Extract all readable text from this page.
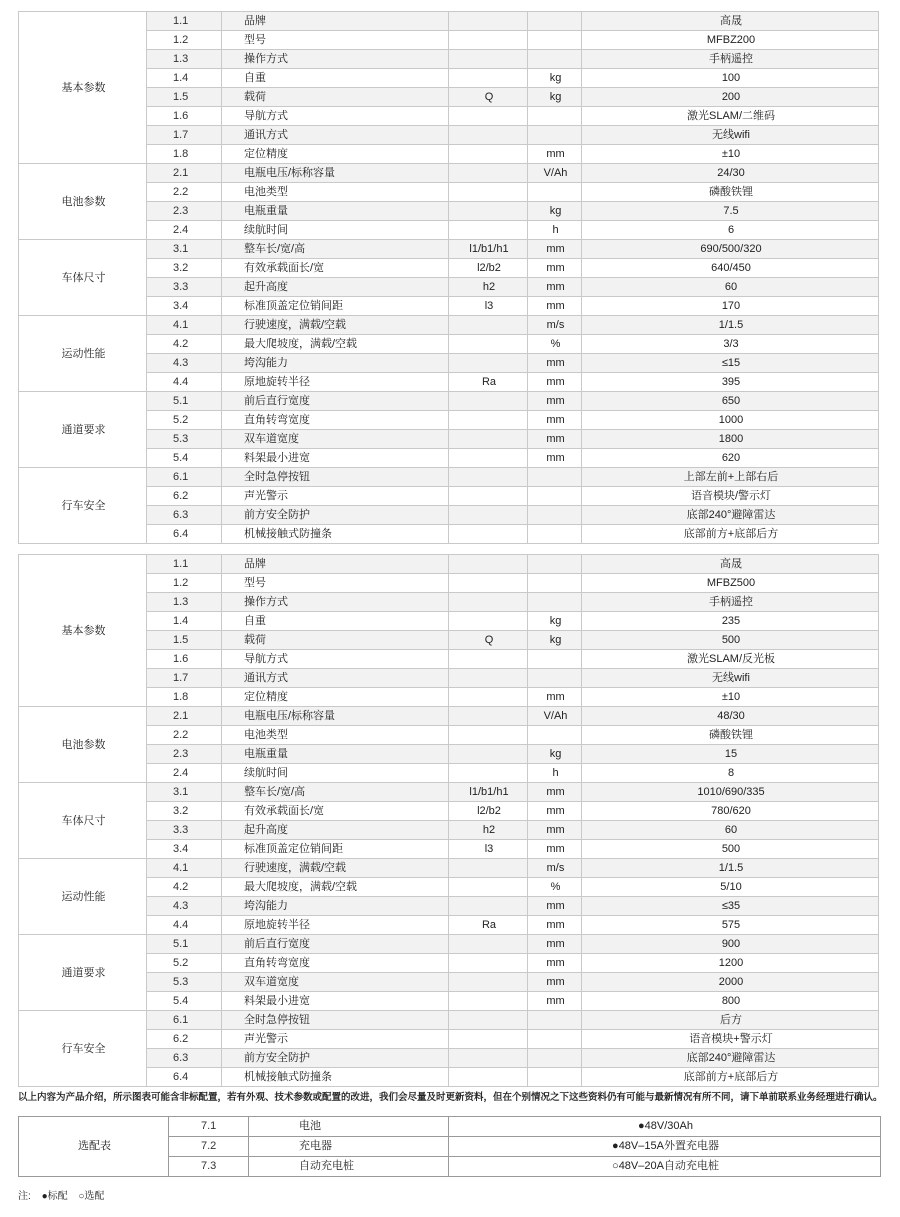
基本参数	1.1	品牌			高晟
	1.2	型号			MFBZ200
	1.3	操作方式			手柄遥控
	1.4	自重		kg	100
	1.5	载荷	Q	kg	200
	1.6	导航方式			激光SLAM/二维码
	1.7	通讯方式			无线wifi
	1.8	定位精度		mm	±10
电池参数	2.1	电瓶电压/标称容量		V/Ah	24/30
	2.2	电池类型			磷酸铁锂
	2.3	电瓶重量		kg	7.5
	2.4	续航时间		h	6
车体尺寸	3.1	整车长/宽/高	l1/b1/h1	mm	690/500/320
	3.2	有效承载面长/宽	l2/b2	mm	640/450
	3.3	起升高度	h2	mm	60
	3.4	标准顶盖定位销间距	l3	mm	170
运动性能	4.1	行驶速度，满载/空载		m/s	1/1.5
	4.2	最大爬坡度，满载/空载		%	3/3
	4.3	垮沟能力		mm	≤15
	4.4	原地旋转半径	Ra	mm	395
通道要求	5.1	前后直行宽度		mm	650
	5.2	直角转弯宽度		mm	1000
	5.3	双车道宽度		mm	1800
	5.4	料架最小进宽		mm	620
行车安全	6.1	全时急停按钮			上部左前+上部右后
	6.2	声光警示			语音模块/警示灯
	6.3	前方安全防护			底部240°避障雷达
	6.4	机械接触式防撞条			底部前方+底部后方
基本参数	1.1	品牌			高晟
	1.2	型号			MFBZ500
	1.3	操作方式			手柄遥控
	1.4	自重		kg	235
	1.5	载荷	Q	kg	500
	1.6	导航方式			激光SLAM/反光板
	1.7	通讯方式			无线wifi
	1.8	定位精度		mm	±10
电池参数	2.1	电瓶电压/标称容量		V/Ah	48/30
	2.2	电池类型			磷酸铁锂
	2.3	电瓶重量		kg	15
	2.4	续航时间		h	8
车体尺寸	3.1	整车长/宽/高	l1/b1/h1	mm	1010/690/335
	3.2	有效承载面长/宽	l2/b2	mm	780/620
	3.3	起升高度	h2	mm	60
	3.4	标准顶盖定位销间距	l3	mm	500
运动性能	4.1	行驶速度，满载/空载		m/s	1/1.5
	4.2	最大爬坡度，满载/空载		%	5/10
	4.3	垮沟能力		mm	≤35
	4.4	原地旋转半径	Ra	mm	575
通道要求	5.1	前后直行宽度		mm	900
	5.2	直角转弯宽度		mm	1200
	5.3	双车道宽度		mm	2000
	5.4	料架最小进宽		mm	800
行车安全	6.1	全时急停按钮			后方
	6.2	声光警示			语音模块+警示灯
	6.3	前方安全防护			底部240°避障雷达
	6.4	机械接触式防撞条			底部前方+底部后方
以上内容为产品介绍，所示图表可能含非标配置，若有外观、技术参数或配置的改进，我们会尽量及时更新资料，但在个别情况之下这些资料仍有可能与最新情况有所不同，请下单前联系业务经理进行确认。
选配表	7.1	电池	●48V/30Ah
	7.2	充电器	●48V–15A外置充电器
	7.3	自动充电桩	○48V–20A自动充电桩
注: ●标配 ○选配
